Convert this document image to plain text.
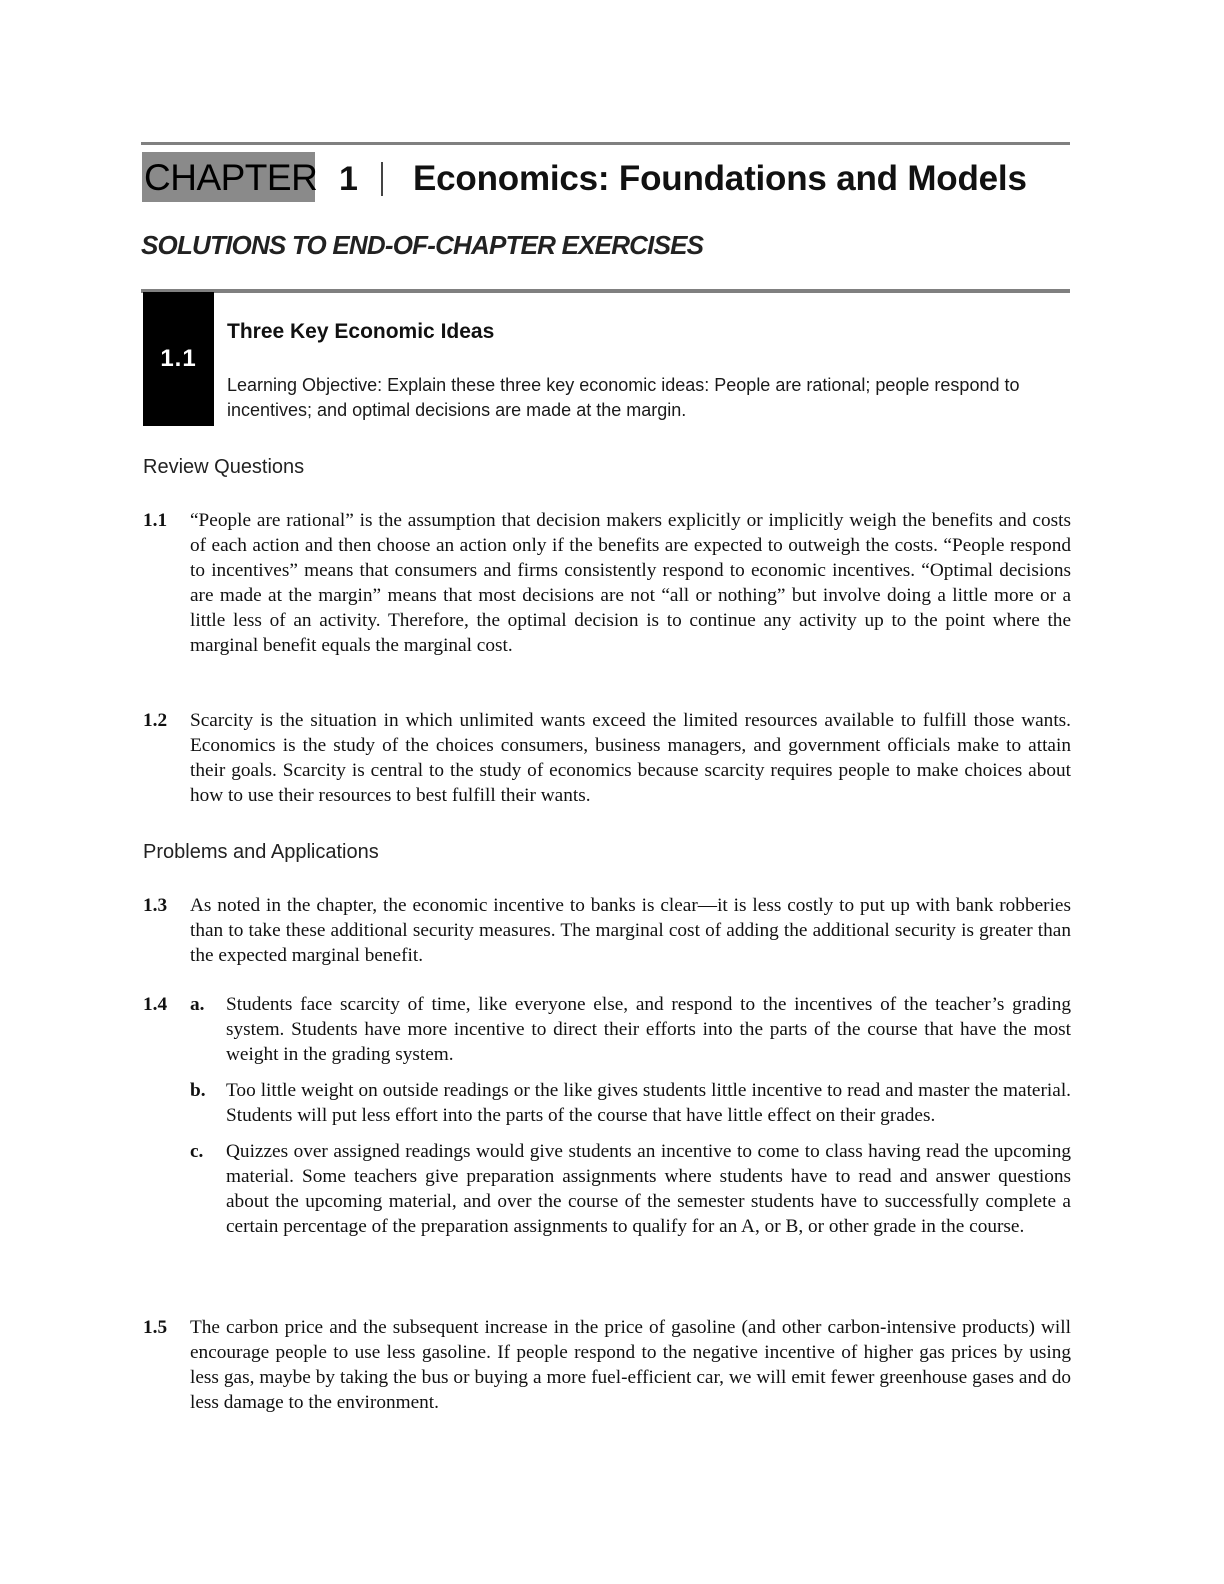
CHAPTER 1 Economics: Foundations and Models
SOLUTIONS TO END-OF-CHAPTER EXERCISES
1.1
Three Key Economic Ideas
Learning Objective: Explain these three key economic ideas: People are rational; people respond to incentives; and optimal decisions are made at the margin.
Review Questions
1.1 “People are rational” is the assumption that decision makers explicitly or implicitly weigh the benefits and costs of each action and then choose an action only if the benefits are expected to outweigh the costs. “People respond to incentives” means that consumers and firms consistently respond to economic incentives. “Optimal decisions are made at the margin” means that most decisions are not “all or nothing” but involve doing a little more or a little less of an activity. Therefore, the optimal decision is to continue any activity up to the point where the marginal benefit equals the marginal cost.
1.2 Scarcity is the situation in which unlimited wants exceed the limited resources available to fulfill those wants. Economics is the study of the choices consumers, business managers, and government officials make to attain their goals. Scarcity is central to the study of economics because scarcity requires people to make choices about how to use their resources to best fulfill their wants.
Problems and Applications
1.3 As noted in the chapter, the economic incentive to banks is clear—it is less costly to put up with bank robberies than to take these additional security measures. The marginal cost of adding the additional security is greater than the expected marginal benefit.
1.4 a. Students face scarcity of time, like everyone else, and respond to the incentives of the teacher’s grading system. Students have more incentive to direct their efforts into the parts of the course that have the most weight in the grading system.
b. Too little weight on outside readings or the like gives students little incentive to read and master the material. Students will put less effort into the parts of the course that have little effect on their grades.
c. Quizzes over assigned readings would give students an incentive to come to class having read the upcoming material. Some teachers give preparation assignments where students have to read and answer questions about the upcoming material, and over the course of the semester students have to successfully complete a certain percentage of the preparation assignments to qualify for an A, or B, or other grade in the course.
1.5 The carbon price and the subsequent increase in the price of gasoline (and other carbon-intensive products) will encourage people to use less gasoline. If people respond to the negative incentive of higher gas prices by using less gas, maybe by taking the bus or buying a more fuel-efficient car, we will emit fewer greenhouse gases and do less damage to the environment.
